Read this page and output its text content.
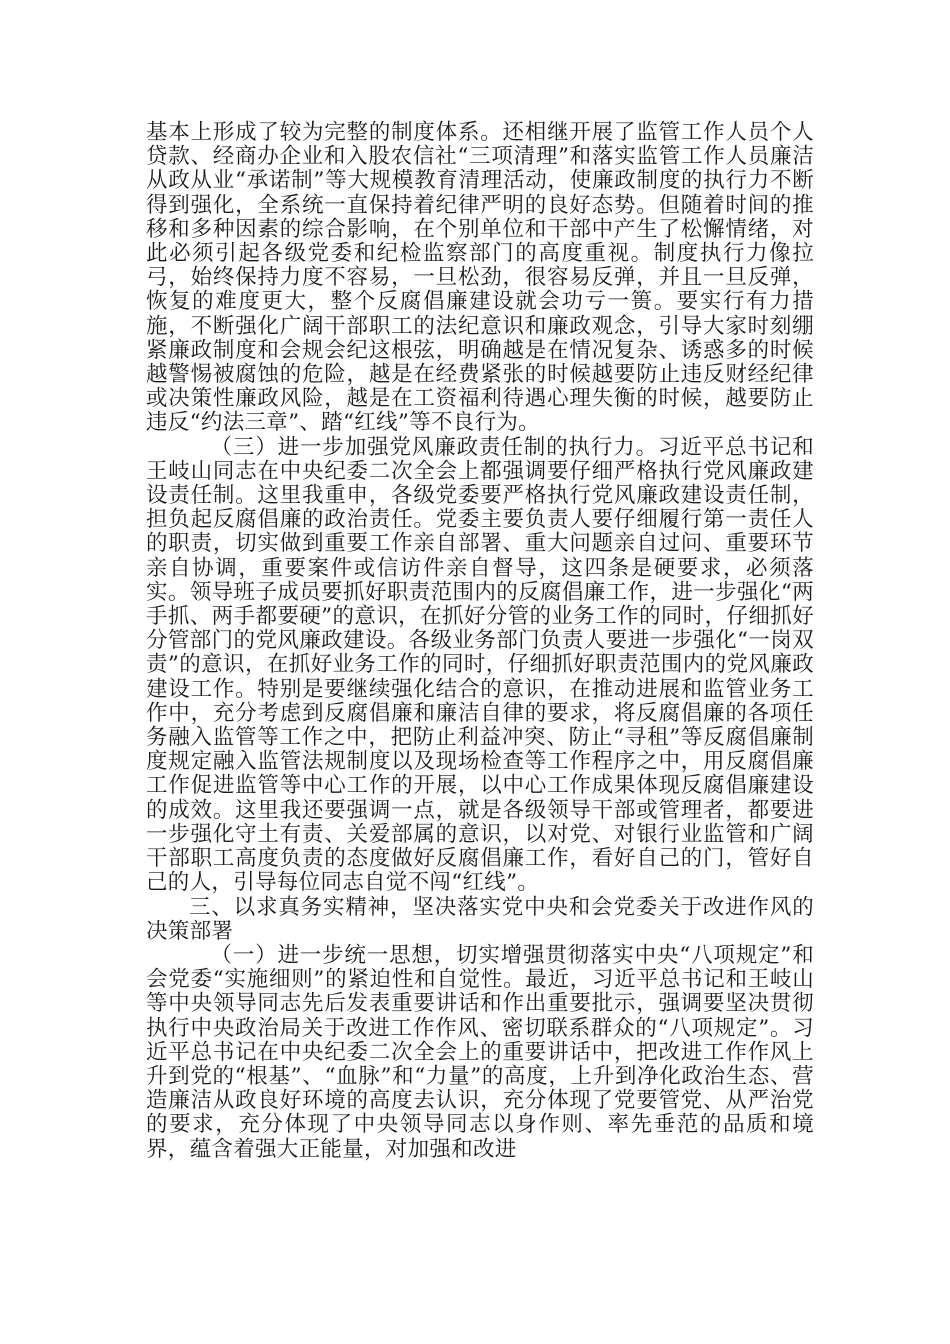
基本上形成了较为完整的制度体系。还相继开展了监管工作人员个人贷款、经商办企业和入股农信社“三项清理”和落实监管工作人员廉洁从政从业“承诺制”等大规模教育清理活动，使廉政制度的执行力不断得到强化，全系统一直保持着纪律严明的良好态势。但随着时间的推移和多种因素的综合影响，在个别单位和干部中产生了松懈情绪，对此必须引起各级党委和纪检监察部门的高度重视。制度执行力像拉弓，始终保持力度不容易，一旦松劲，很容易反弹，并且一旦反弹，恢复的难度更大，整个反腐倡廉建设就会功亏一篑。要实行有力措施，不断强化广阔干部职工的法纪意识和廉政观念，引导大家时刻绷紧廉政制度和会规会纪这根弦，明确越是在情况复杂、诱惑多的时候越警惕被腐蚀的危险，越是在经费紧张的时候越要防止违反财经纪律或决策性廉政风险，越是在工资福利待遇心理失衡的时候，越要防止违反“约法三章”、踏“红线”等不良行为。

（三）进一步加强党风廉政责任制的执行力。习近平总书记和王岐山同志在中央纪委二次全会上都强调要仔细严格执行党风廉政建设责任制。这里我重申，各级党委要严格执行党风廉政建设责任制，担负起反腐倡廉的政治责任。党委主要负责人要仔细履行第一责任人的职责，切实做到重要工作亲自部署、重大问题亲自过问、重要环节亲自协调，重要案件或信访件亲自督导，这四条是硬要求，必须落实。领导班子成员要抓好职责范围内的反腐倡廉工作，进一步强化“两手抓、两手都要硬”的意识，在抓好分管的业务工作的同时，仔细抓好分管部门的党风廉政建设。各级业务部门负责人要进一步强化“一岗双责”的意识，在抓好业务工作的同时，仔细抓好职责范围内的党风廉政建设工作。特别是要继续强化结合的意识，在推动进展和监管业务工作中，充分考虑到反腐倡廉和廉洁自律的要求，将反腐倡廉的各项任务融入监管等工作之中，把防止利益冲突、防止“寻租”等反腐倡廉制度规定融入监管法规制度以及现场检查等工作程序之中，用反腐倡廉工作促进监管等中心工作的开展，以中心工作成果体现反腐倡廉建设的成效。这里我还要强调一点，就是各级领导干部或管理者，都要进一步强化守土有责、关爱部属的意识，以对党、对银行业监管和广阔干部职工高度负责的态度做好反腐倡廉工作，看好自己的门，管好自己的人，引导每位同志自觉不闯“红线”。

三、以求真务实精神，坚决落实党中央和会党委关于改进作风的决策部署

（一）进一步统一思想，切实增强贯彻落实中央“八项规定”和会党委“实施细则”的紧迫性和自觉性。最近，习近平总书记和王岐山等中央领导同志先后发表重要讲话和作出重要批示，强调要坚决贯彻执行中央政治局关于改进工作作风、密切联系群众的“八项规定”。习近平总书记在中央纪委二次全会上的重要讲话中，把改进工作作风上升到党的“根基”、“血脉”和“力量”的高度，上升到净化政治生态、营造廉洁从政良好环境的高度去认识，充分体现了党要管党、从严治党的要求，充分体现了中央领导同志以身作则、率先垂范的品质和境界，蕴含着强大正能量，对加强和改进
